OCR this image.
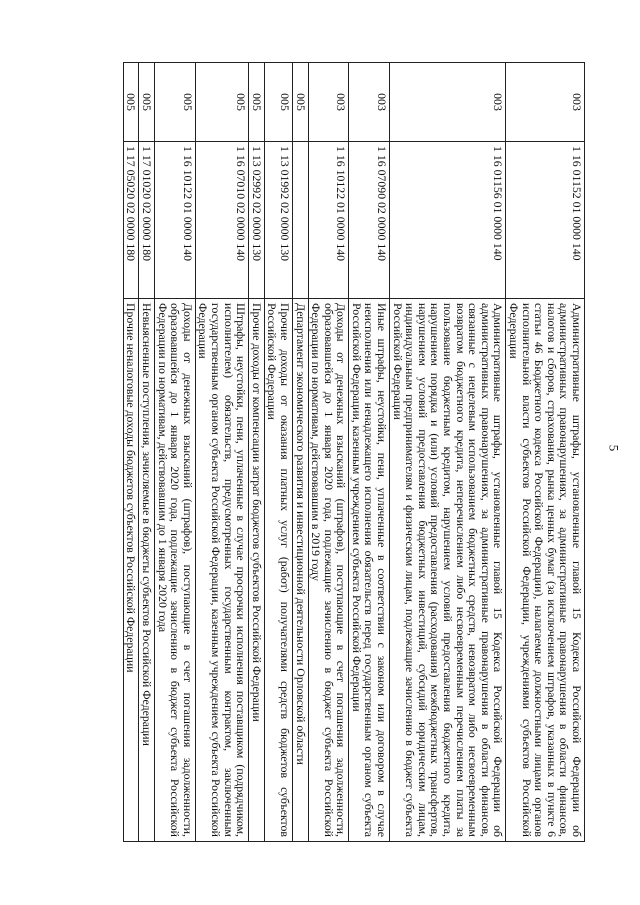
5
003	1 16 01152 01 0000 140	Административные штрафы, установленные главой 15 Кодекса Российской Федерации об административных правонарушениях, за административные правонарушения в области финансов, налогов и сборов, страхования, рынка ценных бумаг (за исключением штрафов, указанных в пункте 6 статьи 46 Бюджетного кодекса Российской Федерации), налагаемые должностными лицами органов исполнительной власти субъектов Российской Федерации, учреждениями субъектов Российской Федерации
003	1 16 01156 01 0000 140	Административные штрафы, установленные главой 15 Кодекса Российской Федерации об административных правонарушениях, за административные правонарушения в области финансов, связанные с нецелевым использованием бюджетных средств, невозвратом либо несвоевременным возвратом бюджетного кредита, неперечислением либо несвоевременным перечислением платы за пользование бюджетным кредитом, нарушением условий предоставления бюджетного кредита, нарушением порядка и (или) условий предоставления (расходования) межбюджетных трансфертов, нарушением условий предоставления бюджетных инвестиций, субсидий юридическим лицам, индивидуальным предпринимателям и физическим лицам, подлежащие зачислению в бюджет субъекта Российской Федерации
003	1 16 07090 02 0000 140	Иные штрафы, неустойки, пени, уплаченные в соответствии с законом или договором в случае неисполнения или ненадлежащего исполнения обязательств перед государственным органом субъекта Российской Федерации, казенным учреждением субъекта Российской Федерации
003	1 16 10122 01 0000 140	Доходы от денежных взысканий (штрафов), поступающие в счет погашения задолженности, образовавшейся до 1 января 2020 года, подлежащие зачислению в бюджет субъекта Российской Федерации по нормативам, действовавшим в 2019 году
005		Департамент экономического развития и инвестиционной деятельности Орловской области
005	1 13 01992 02 0000 130	Прочие доходы от оказания платных услуг (работ) получателями средств бюджетов субъектов Российской Федерации
005	1 13 02992 02 0000 130	Прочие доходы от компенсации затрат бюджетов субъектов Российской Федерации
005	1 16 07010 02 0000 140	Штрафы, неустойки, пени, уплаченные в случае просрочки исполнения поставщиком (подрядчиком, исполнителем) обязательств, предусмотренных государственным контрактом, заключенным государственным органом субъекта Российской Федерации, казенным учреждением субъекта Российской Федерации
005	1 16 10122 01 0000 140	Доходы от денежных взысканий (штрафов), поступающие в счет погашения задолженности, образовавшейся до 1 января 2020 года, подлежащие зачислению в бюджет субъекта Российской Федерации по нормативам, действовавшим до 1 января 2020 года
005	1 17 01020 02 0000 180	Невыясненные поступления, зачисляемые в бюджеты субъектов Российской Федерации
005	1 17 05020 02 0000 180	Прочие неналоговые доходы бюджетов субъектов Российской Федерации
